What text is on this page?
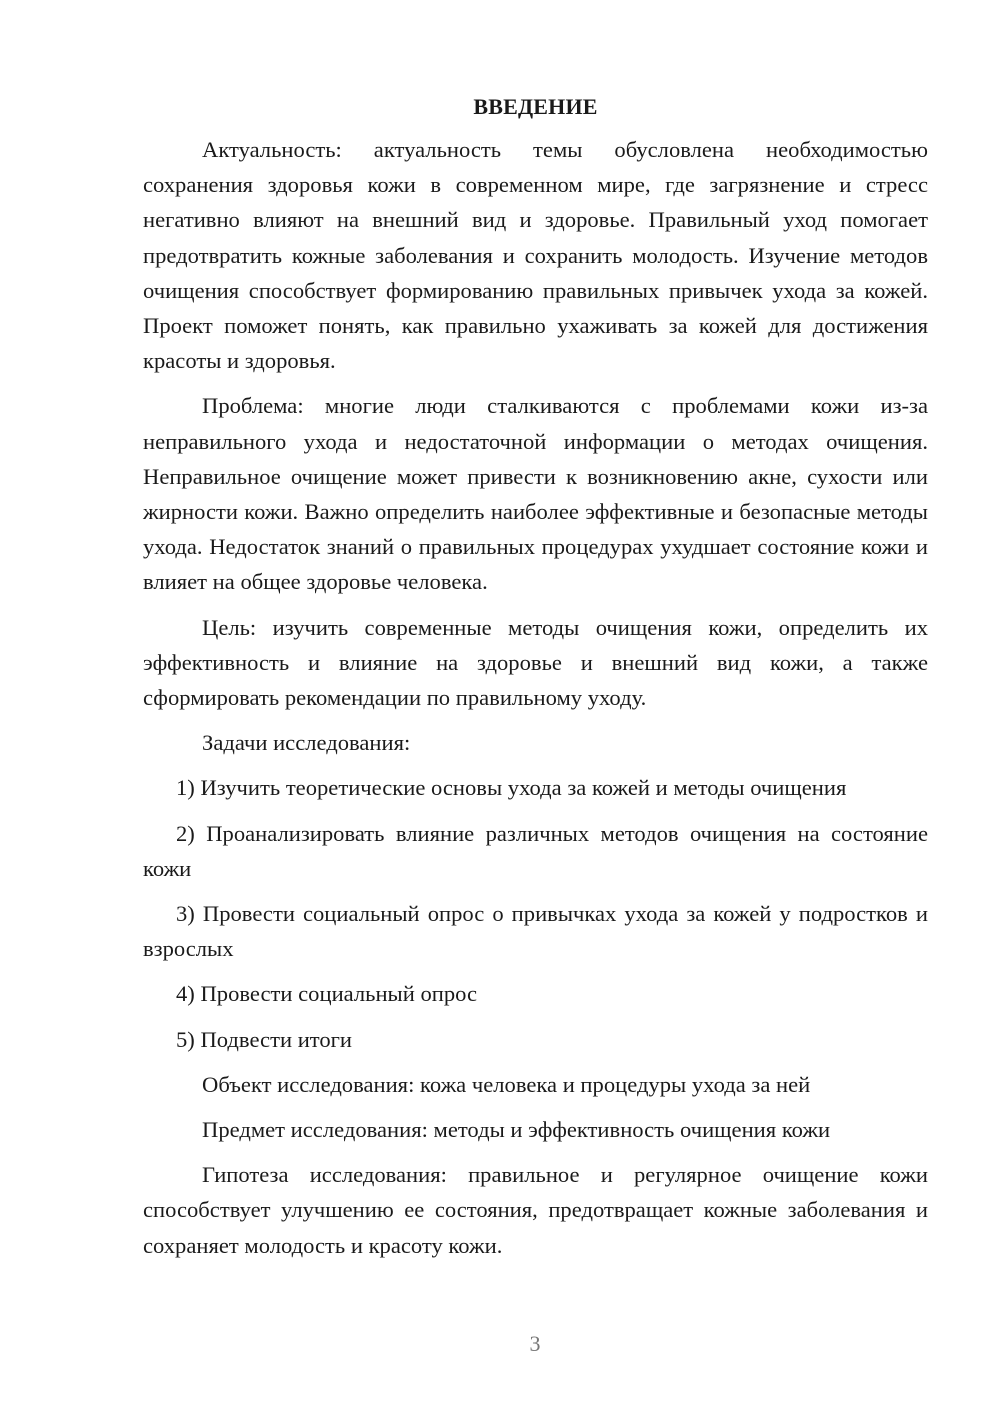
ВВЕДЕНИЕ

Актуальность: актуальность темы обусловлена необходимостью сохранения здоровья кожи в современном мире, где загрязнение и стресс негативно влияют на внешний вид и здоровье. Правильный уход помогает предотвратить кожные заболевания и сохранить молодость. Изучение методов очищения способствует формированию правильных привычек ухода за кожей. Проект поможет понять, как правильно ухаживать за кожей для достижения красоты и здоровья.

Проблема: многие люди сталкиваются с проблемами кожи из-за неправильного ухода и недостаточной информации о методах очищения. Неправильное очищение может привести к возникновению акне, сухости или жирности кожи. Важно определить наиболее эффективные и безопасные методы ухода. Недостаток знаний о правильных процедурах ухудшает состояние кожи и влияет на общее здоровье человека.

Цель: изучить современные методы очищения кожи, определить их эффективность и влияние на здоровье и внешний вид кожи, а также сформировать рекомендации по правильному уходу.

Задачи исследования:

1) Изучить теоретические основы ухода за кожей и методы очищения

2) Проанализировать влияние различных методов очищения на состояние кожи

3) Провести социальный опрос о привычках ухода за кожей у подростков и взрослых

4) Провести социальный опрос

5) Подвести итоги

Объект исследования: кожа человека и процедуры ухода за ней

Предмет исследования: методы и эффективность очищения кожи

Гипотеза исследования: правильное и регулярное очищение кожи способствует улучшению ее состояния, предотвращает кожные заболевания и сохраняет молодость и красоту кожи.

3
